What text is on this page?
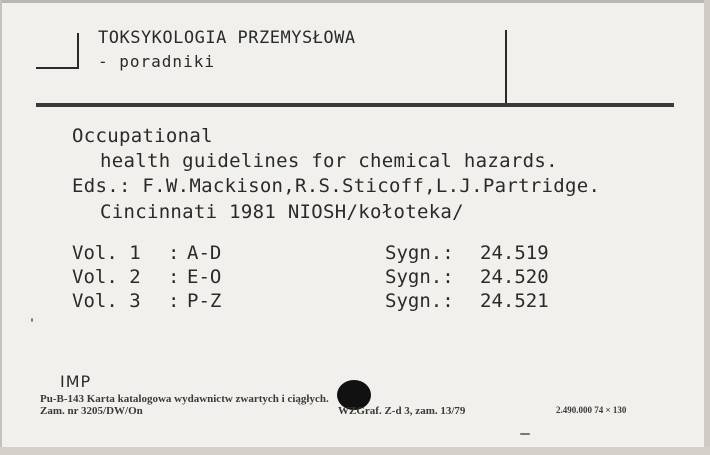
TOKSYKOLOGIA PRZEMYSŁOWA
- poradniki
Occupational
health guidelines for chemical hazards.
Eds.: F.W.Mackison,R.S.Sticoff,L.J.Partridge.
Cincinnati 1981 NIOSH/kołoteka/
Vol. 1 : A-D	Sygn.: 24.519
Vol. 2 : E-O	Sygn.: 24.520
Vol. 3 : P-Z	Sygn.: 24.521
IMP
Pu-B-143 Karta katalogowa wydawnictw zwartych i ciągłych.
Zam. nr 3205/DW/On	WZGraf. Z-d 3, zam. 13/79	2.490.000 74 × 130
